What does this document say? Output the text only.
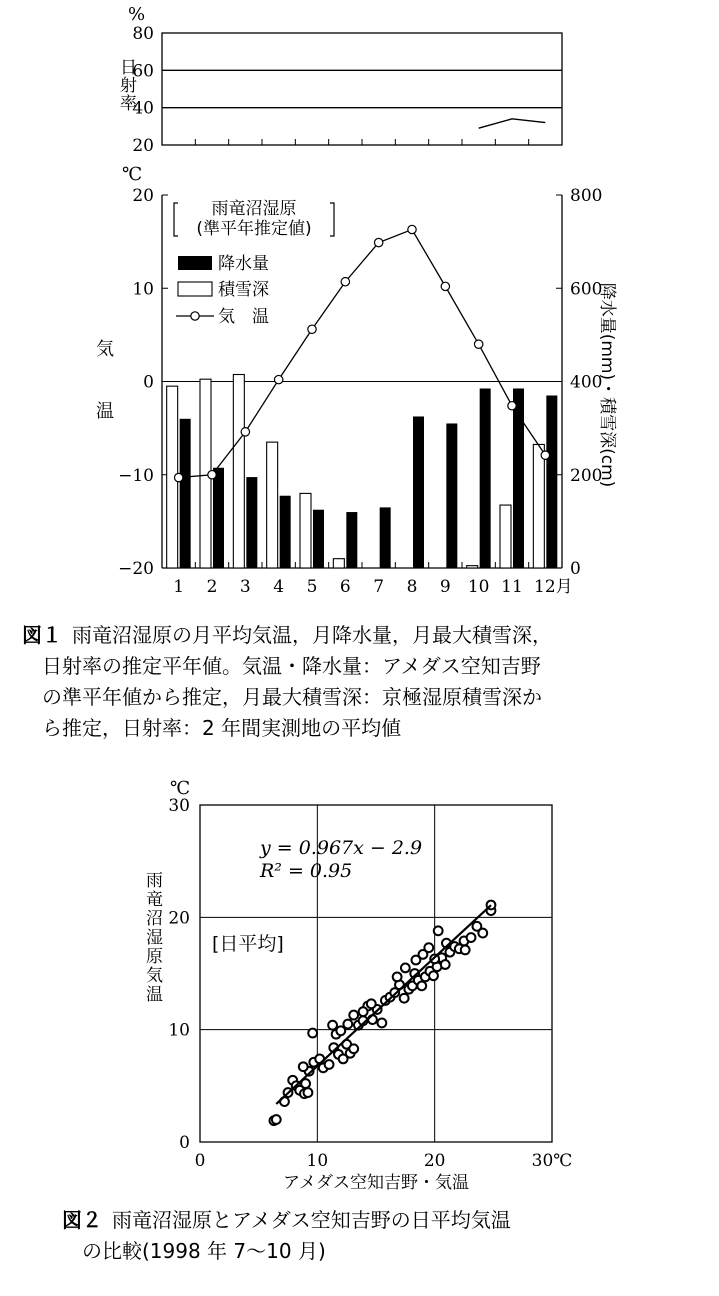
80
60
40
20
%
日
射
率
20
10
0
−10
−20
800
600
400
200
0
1 2 3 4 5 6 7 8 9 10 11 12月
℃
気
温	降水量(mm)・積雪深(cm)
雨竜沼湿原
(準平年推定値)
降水量
積雪深
気　温
図１ 雨竜沼湿原の月平均気温，月降水量，月最大積雪深，
日射率の推定平年値。気温・降水量：アメダス空知吉野
の準平年値から推定，月最大積雪深：京極湿原積雪深か
ら推定，日射率：2 年間実測地の平均値
30
20
10
0
0	10	20	30℃
℃
雨
竜
沼
湿
原
気
温
アメダス空知吉野・気温
y = 0.967x − 2.9
R² = 0.95
[日平均]
図２ 雨竜沼湿原とアメダス空知吉野の日平均気温
の比較(1998 年 7〜10 月)
